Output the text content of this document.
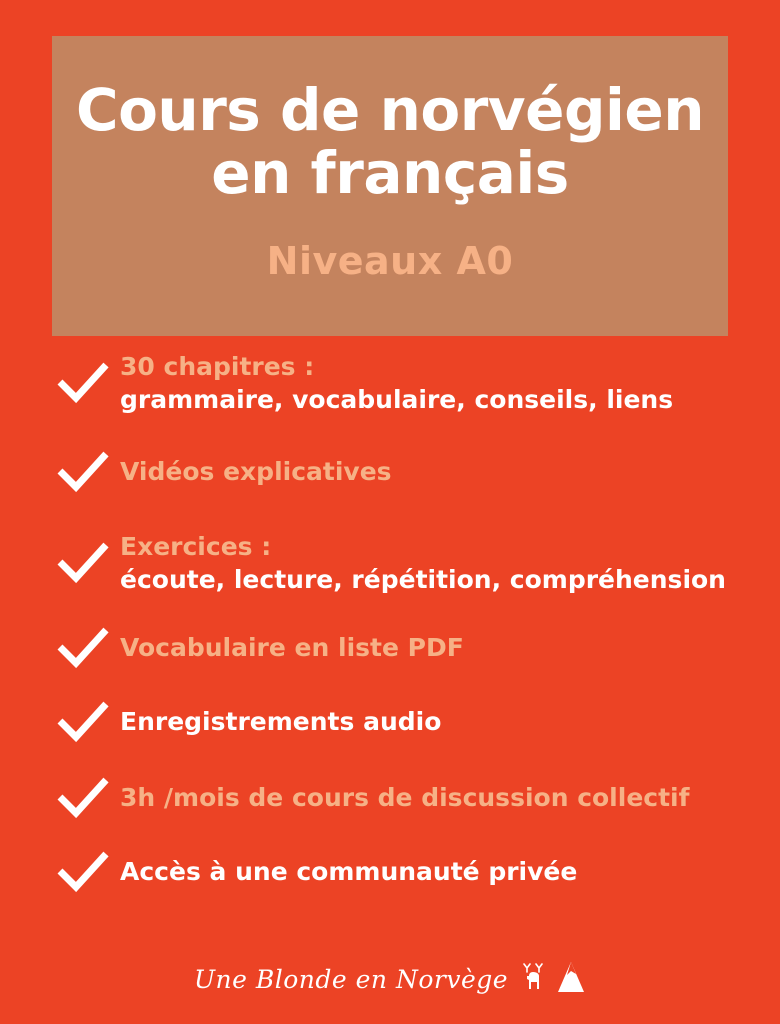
Cours de norvégien
en français
Niveaux A0
30 chapitres :
grammaire, vocabulaire, conseils, liens
Vidéos explicatives
Exercices :
écoute, lecture, répétition, compréhension
Vocabulaire en liste PDF
Enregistrements audio
3h /mois de cours de discussion collectif
Accès à une communauté privée
Une Blonde en Norvège
